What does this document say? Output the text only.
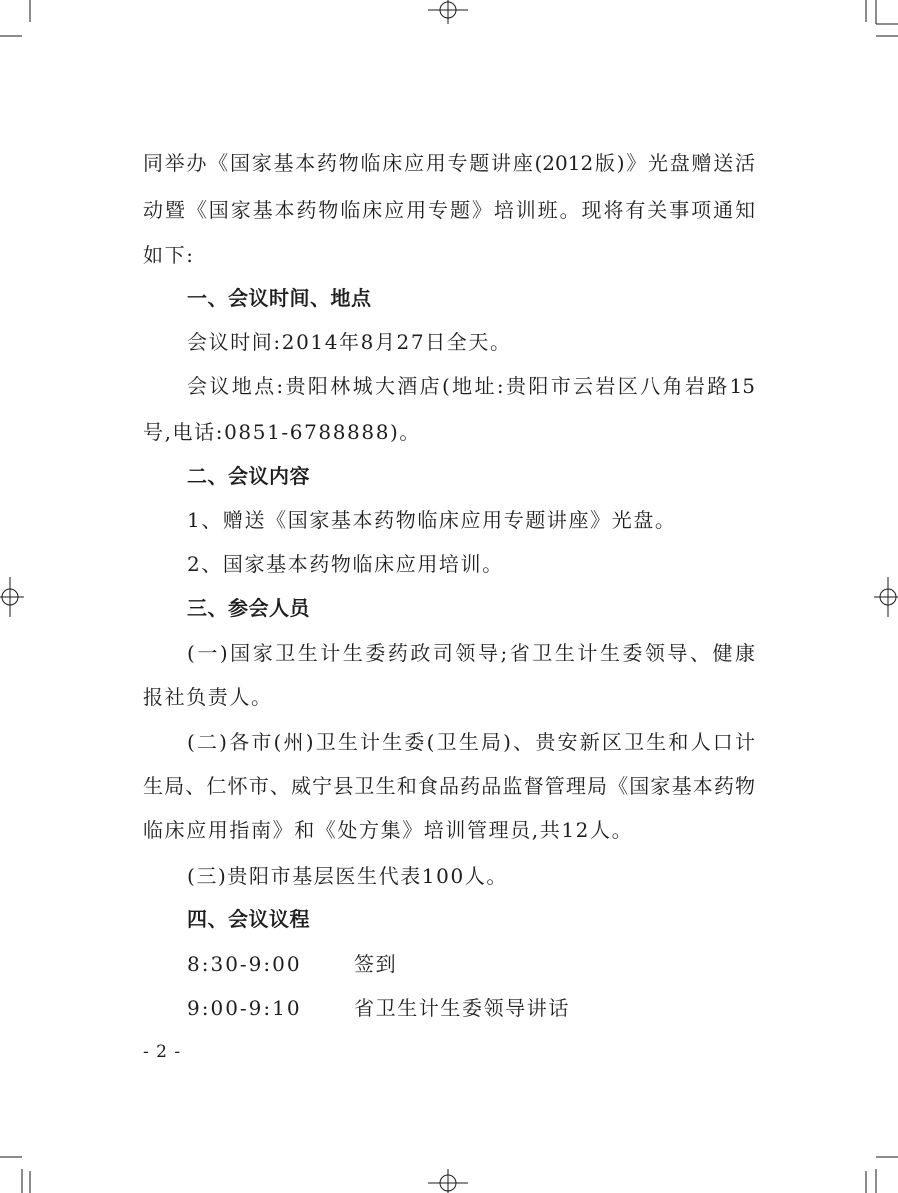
同举办《国家基本药物临床应用专题讲座(2012版)》光盘赠送活
动暨《国家基本药物临床应用专题》培训班。现将有关事项通知
如下:
一、会议时间、地点
会议时间:2014年8月27日全天。
会议地点:贵阳林城大酒店(地址:贵阳市云岩区八角岩路15
号,电话:0851-6788888)。
二、会议内容
1、赠送《国家基本药物临床应用专题讲座》光盘。
2、国家基本药物临床应用培训。
三、参会人员
(一)国家卫生计生委药政司领导;省卫生计生委领导、健康
报社负责人。
(二)各市(州)卫生计生委(卫生局)、贵安新区卫生和人口计
生局、仁怀市、威宁县卫生和食品药品监督管理局《国家基本药物
临床应用指南》和《处方集》培训管理员,共12人。
(三)贵阳市基层医生代表100人。
四、会议议程
8:30-9:00	签到
9:00-9:10	省卫生计生委领导讲话
- 2 -
